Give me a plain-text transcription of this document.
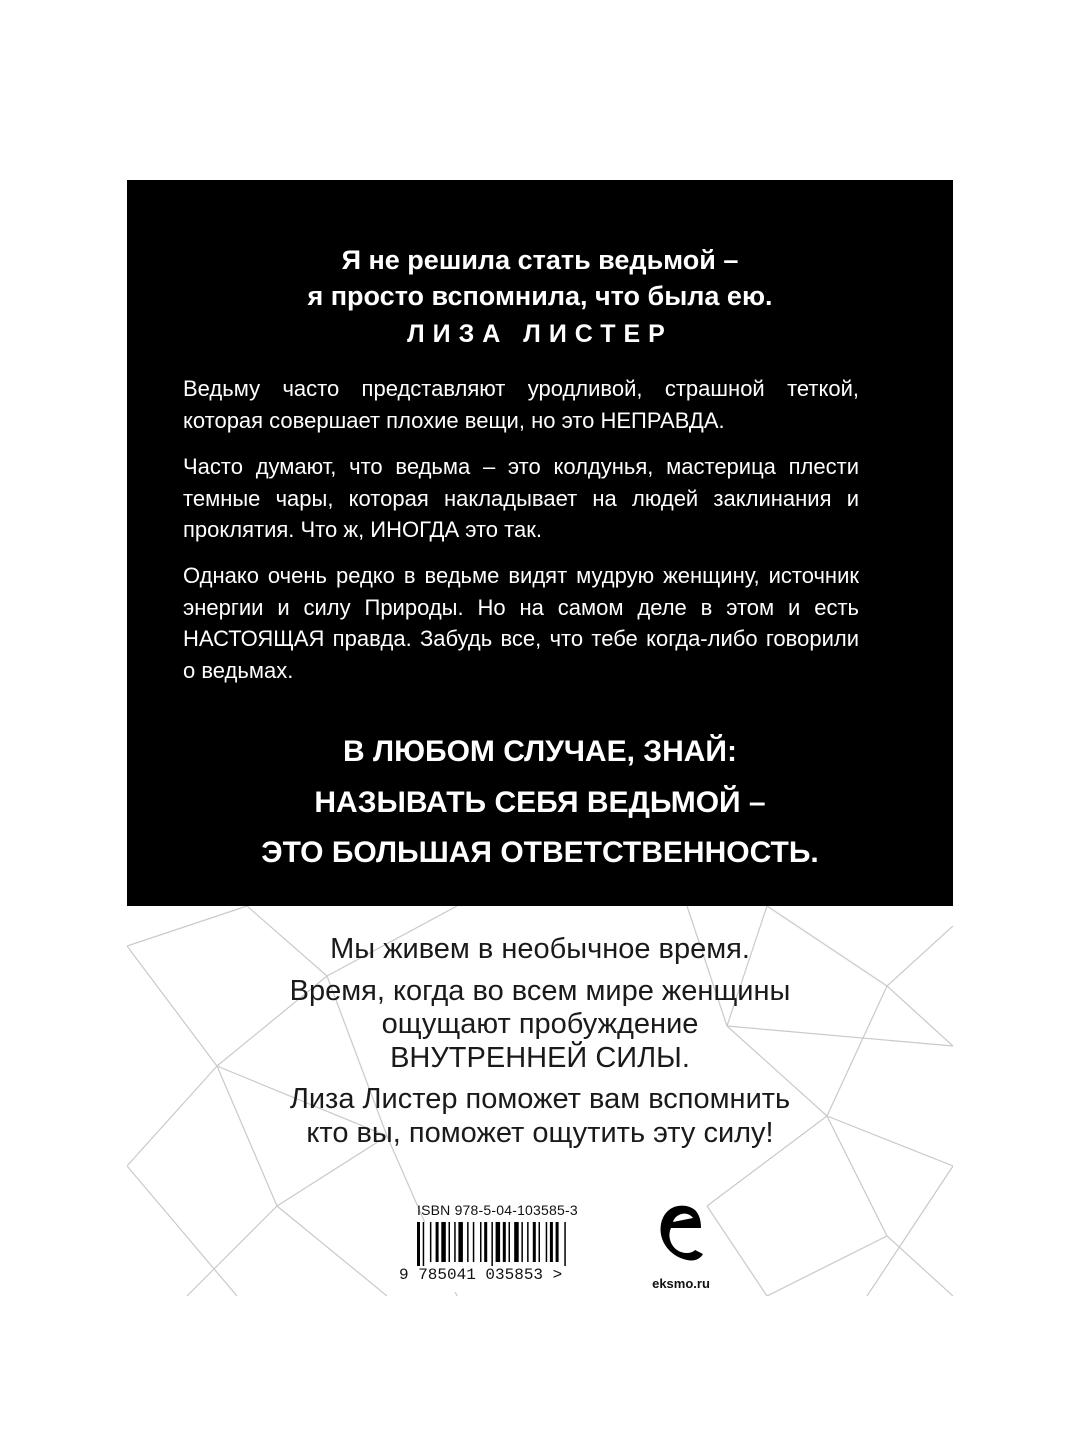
Я не решила стать ведьмой –
я просто вспомнила, что была ею.
ЛИЗА ЛИСТЕР

Ведьму часто представляют уродливой, страшной теткой, которая совершает плохие вещи, но это НЕПРАВДА.

Часто думают, что ведьма – это колдунья, мастерица плести темные чары, которая накладывает на людей заклинания и проклятия. Что ж, ИНОГДА это так.

Однако очень редко в ведьме видят мудрую женщину, источник энергии и силу Природы. Но на самом деле в этом и есть НАСТОЯЩАЯ правда. Забудь все, что тебе когда-либо говорили о ведьмах.

В ЛЮБОМ СЛУЧАЕ, ЗНАЙ:
НАЗЫВАТЬ СЕБЯ ВЕДЬМОЙ –
ЭТО БОЛЬШАЯ ОТВЕТСТВЕННОСТЬ.
Мы живем в необычное время.
Время, когда во всем мире женщины
ощущают пробуждение
ВНУТРЕННЕЙ СИЛЫ.
Лиза Листер поможет вам вспомнить
кто вы, поможет ощутить эту силу!
ISBN 978-5-04-103585-3
9 785041 035853 >	eksmo.ru
